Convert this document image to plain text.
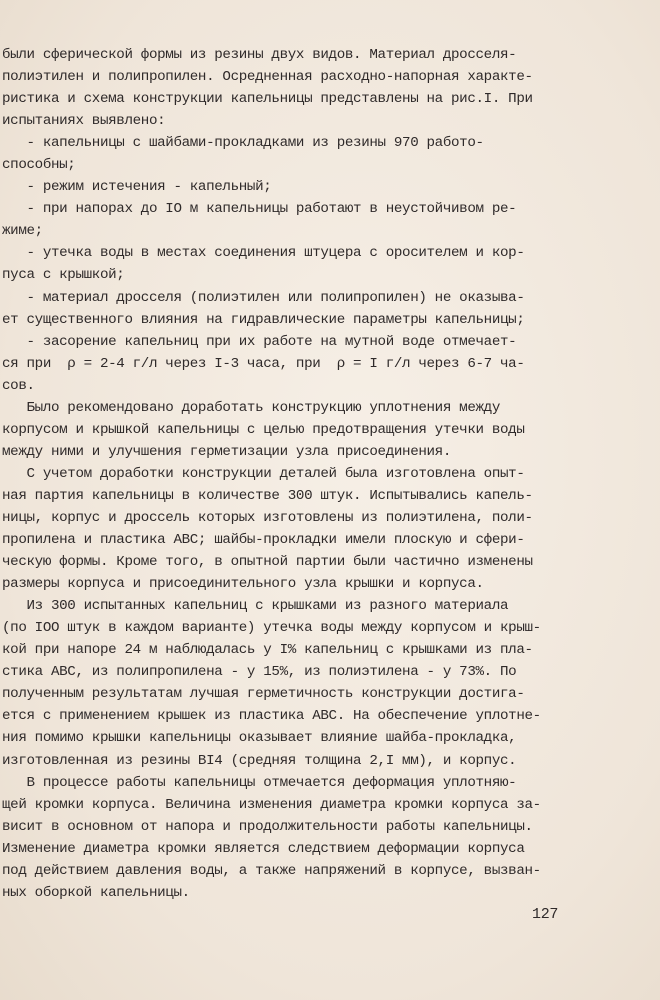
были сферической формы из резины двух видов. Материал дросселя-
полиэтилен и полипропилен. Осредненная расходно-напорная характе-
ристика и схема конструкции капельницы представлены на рис.I. При
испытаниях выявлено:
- капельницы с шайбами-прокладками из резины 970 работо-
способны;
- режим истечения - капельный;
- при напорах до IO м капельницы работают в неустойчивом ре-
жиме;
- утечка воды в местах соединения штуцера с оросителем и кор-
пуса с крышкой;
- материал дросселя (полиэтилен или полипропилен) не оказыва-
ет существенного влияния на гидравлические параметры капельницы;
- засорение капельниц при их работе на мутной воде отмечает-
ся при  ρ = 2-4 г/л через I-3 часа, при  ρ = I г/л через 6-7 ча-
сов.
Было рекомендовано доработать конструкцию уплотнения между
корпусом и крышкой капельницы с целью предотвращения утечки воды
между ними и улучшения герметизации узла присоединения.
С учетом доработки конструкции деталей была изготовлена опыт-
ная партия капельницы в количестве 300 штук. Испытывались капель-
ницы, корпус и дроссель которых изготовлены из полиэтилена, поли-
пропилена и пластика АВС; шайбы-прокладки имели плоскую и сфери-
ческую формы. Кроме того, в опытной партии были частично изменены
размеры корпуса и присоединительного узла крышки и корпуса.
Из 300 испытанных капельниц с крышками из разного материала
(по IOO штук в каждом варианте) утечка воды между корпусом и крыш-
кой при напоре 24 м наблюдалась у I% капельниц с крышками из пла-
стика АВС, из полипропилена - у 15%, из полиэтилена - у 73%. По
полученным результатам лучшая герметичность конструкции достига-
ется с применением крышек из пластика АВС. На обеспечение уплотне-
ния помимо крышки капельницы оказывает влияние шайба-прокладка,
изготовленная из резины BI4 (средняя толщина 2,I мм), и корпус.
В процессе работы капельницы отмечается деформация уплотняю-
щей кромки корпуса. Величина изменения диаметра кромки корпуса за-
висит в основном от напора и продолжительности работы капельницы.
Изменение диаметра кромки является следствием деформации корпуса
под действием давления воды, а также напряжений в корпусе, вызван-
ных оборкой капельницы.
127
